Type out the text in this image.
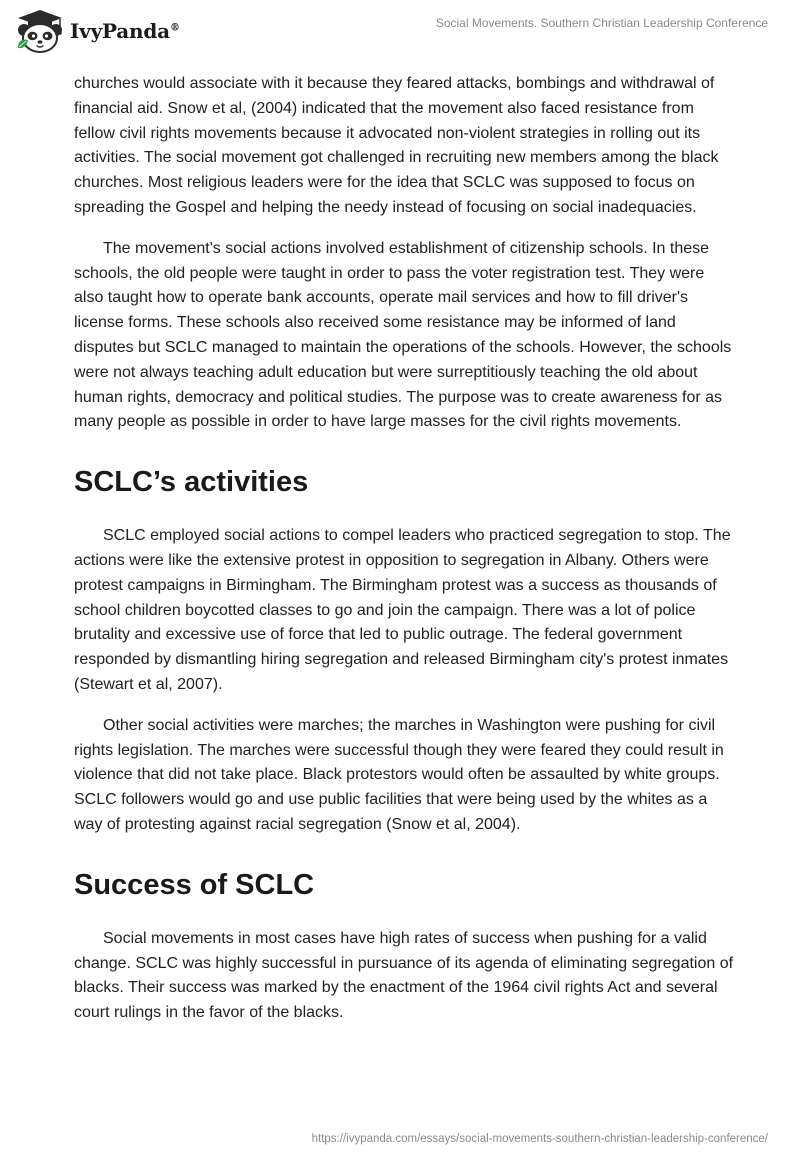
IvyPanda®	Social Movements. Southern Christian Leadership Conference

churches would associate with it because they feared attacks, bombings and withdrawal of financial aid. Snow et al, (2004) indicated that the movement also faced resistance from fellow civil rights movements because it advocated non-violent strategies in rolling out its activities. The social movement got challenged in recruiting new members among the black churches. Most religious leaders were for the idea that SCLC was supposed to focus on spreading the Gospel and helping the needy instead of focusing on social inadequacies.

The movement's social actions involved establishment of citizenship schools. In these schools, the old people were taught in order to pass the voter registration test. They were also taught how to operate bank accounts, operate mail services and how to fill driver's license forms. These schools also received some resistance may be informed of land disputes but SCLC managed to maintain the operations of the schools. However, the schools were not always teaching adult education but were surreptitiously teaching the old about human rights, democracy and political studies. The purpose was to create awareness for as many people as possible in order to have large masses for the civil rights movements.

SCLC’s activities

SCLC employed social actions to compel leaders who practiced segregation to stop. The actions were like the extensive protest in opposition to segregation in Albany. Others were protest campaigns in Birmingham. The Birmingham protest was a success as thousands of school children boycotted classes to go and join the campaign. There was a lot of police brutality and excessive use of force that led to public outrage. The federal government responded by dismantling hiring segregation and released Birmingham city's protest inmates (Stewart et al, 2007).

Other social activities were marches; the marches in Washington were pushing for civil rights legislation. The marches were successful though they were feared they could result in violence that did not take place. Black protestors would often be assaulted by white groups. SCLC followers would go and use public facilities that were being used by the whites as a way of protesting against racial segregation (Snow et al, 2004).

Success of SCLC

Social movements in most cases have high rates of success when pushing for a valid change. SCLC was highly successful in pursuance of its agenda of eliminating segregation of blacks. Their success was marked by the enactment of the 1964 civil rights Act and several court rulings in the favor of the blacks.

https://ivypanda.com/essays/social-movements-southern-christian-leadership-conference/
